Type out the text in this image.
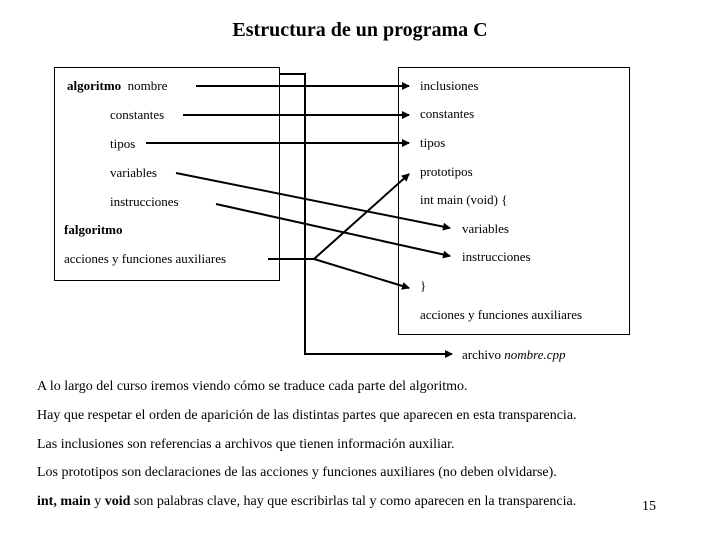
Estructura de un programa C
algoritmo nombre
constantes
tipos
variables
instrucciones
falgoritmo
acciones y funciones auxiliares
inclusiones
constantes
tipos
prototipos
int main (void) {
variables
instrucciones
}
acciones y funciones auxiliares
archivo nombre.cpp
A lo largo del curso iremos viendo cómo se traduce cada parte del algoritmo.
Hay que respetar el orden de aparición de las distintas partes que aparecen en esta transparencia.
Las inclusiones son referencias a archivos que tienen información auxiliar.
Los prototipos son declaraciones de las acciones y funciones auxiliares (no deben olvidarse).
int, main y void son palabras clave, hay que escribirlas tal y como aparecen en la transparencia.	15
